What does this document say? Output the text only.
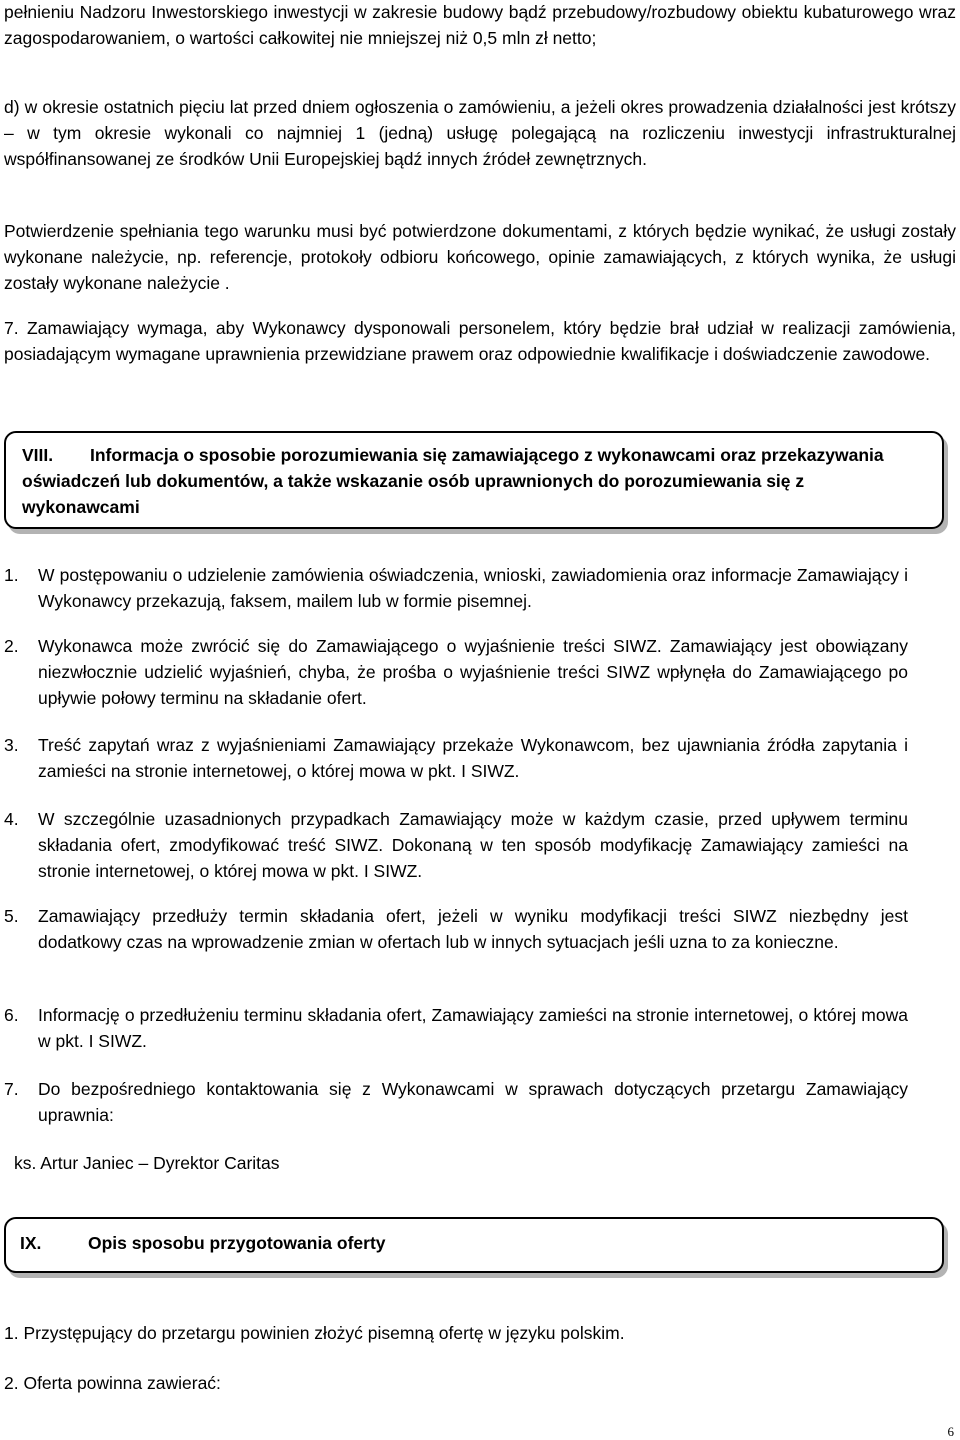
pełnieniu Nadzoru Inwestorskiego inwestycji w zakresie budowy bądź przebudowy/rozbudowy obiektu kubaturowego wraz zagospodarowaniem, o wartości całkowitej nie mniejszej niż 0,5 mln zł netto;

d) w okresie ostatnich pięciu lat przed dniem ogłoszenia o zamówieniu, a jeżeli okres prowadzenia działalności jest krótszy – w tym okresie wykonali co najmniej 1 (jedną) usługę polegającą na rozliczeniu inwestycji infrastrukturalnej współfinansowanej ze środków Unii Europejskiej bądź innych źródeł zewnętrznych.

Potwierdzenie spełniania tego warunku musi być potwierdzone dokumentami, z których będzie wynikać, że usługi zostały wykonane należycie, np. referencje, protokoły odbioru końcowego, opinie zamawiających, z których wynika, że usługi zostały wykonane należycie .

7. Zamawiający wymaga, aby Wykonawcy dysponowali personelem, który będzie brał udział w realizacji zamówienia, posiadającym wymagane uprawnienia przewidziane prawem oraz odpowiednie kwalifikacje i doświadczenie zawodowe.

VIII.	Informacja o sposobie porozumiewania się zamawiającego z wykonawcami oraz przekazywania oświadczeń lub dokumentów, a także wskazanie osób uprawnionych do porozumiewania się z wykonawcami
1. W postępowaniu o udzielenie zamówienia oświadczenia, wnioski, zawiadomienia oraz informacje Zamawiający i Wykonawcy przekazują, faksem, mailem lub w formie pisemnej.
2. Wykonawca może zwrócić się do Zamawiającego o wyjaśnienie treści SIWZ. Zamawiający jest obowiązany niezwłocznie udzielić wyjaśnień, chyba, że prośba o wyjaśnienie treści SIWZ wpłynęła do Zamawiającego po upływie połowy terminu na składanie ofert.
3. Treść zapytań wraz z wyjaśnieniami Zamawiający przekaże Wykonawcom, bez ujawniania źródła zapytania i zamieści na stronie internetowej, o której mowa w pkt. I SIWZ.
4. W szczególnie uzasadnionych przypadkach Zamawiający może w każdym czasie, przed upływem terminu składania ofert, zmodyfikować treść SIWZ. Dokonaną w ten sposób modyfikację Zamawiający zamieści na stronie internetowej, o której mowa w pkt. I SIWZ.
5. Zamawiający przedłuży termin składania ofert, jeżeli w wyniku modyfikacji treści SIWZ niezbędny jest dodatkowy czas na wprowadzenie zmian w ofertach lub w innych sytuacjach jeśli uzna to za konieczne.
6. Informację o przedłużeniu terminu składania ofert, Zamawiający zamieści na stronie internetowej, o której mowa w pkt. I SIWZ.
7. Do bezpośredniego kontaktowania się z Wykonawcami w sprawach dotyczących przetargu Zamawiający uprawnia:

ks. Artur Janiec – Dyrektor Caritas

IX.	Opis sposobu przygotowania oferty

1. Przystępujący do przetargu powinien złożyć pisemną ofertę w języku polskim.

2. Oferta powinna zawierać:

6
